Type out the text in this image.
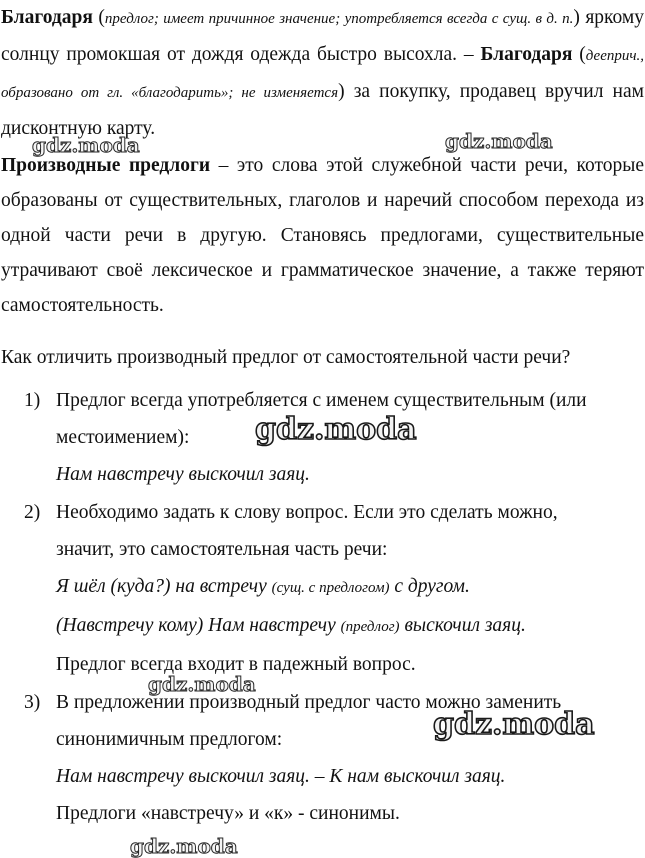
Благодаря (предлог; имеет причинное значение; употребляется всегда с сущ. в д. п.) яркому солнцу промокшая от дождя одежда быстро высохла. – Благодаря (дееприч., образовано от гл. «благодарить»; не изменяется) за покупку, продавец вручил нам дисконтную карту.

Производные предлоги – это слова этой служебной части речи, которые образованы от существительных, глаголов и наречий способом перехода из одной части речи в другую. Становясь предлогами, существительные утрачивают своё лексическое и грамматическое значение, а также теряют самостоятельность.

Как отличить производный предлог от самостоятельной части речи?

1) Предлог всегда употребляется с именем существительным (или
местоимением):
Нам навстречу выскочил заяц.
2) Необходимо задать к слову вопрос. Если это сделать можно,
значит, это самостоятельная часть речи:
Я шёл (куда?) на встречу (сущ. с предлогом) с другом.
(Навстречу кому) Нам навстречу (предлог) выскочил заяц.
Предлог всегда входит в падежный вопрос.
3) В предложении производный предлог часто можно заменить
синонимичным предлогом:
Нам навстречу выскочил заяц. – К нам выскочил заяц.
Предлоги «навстречу» и «к» - синонимы.
gdz.moda	gdz.moda
gdz.moda
gdz.moda
gdz.moda
gdz.moda
